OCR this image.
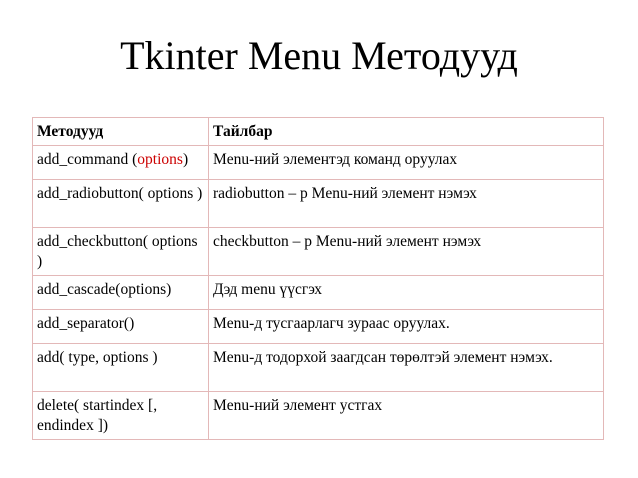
Tkinter Menu Методууд
Методууд	Тайлбар
add_command (options)	Menu-ний элементэд команд оруулах
add_radiobutton( options )	radiobutton – p Menu-ний элемент нэмэх
add_checkbutton( options )	checkbutton – p Menu-ний элемент нэмэх
add_cascade(options)	Дэд menu үүсгэх
add_separator()	Menu-д тусгаарлагч зураас оруулах.
add( type, options )	Menu-д тодорхой заагдсан төрөлтэй элемент нэмэх.
delete( startindex [, endindex ])	Menu-ний элемент устгах
